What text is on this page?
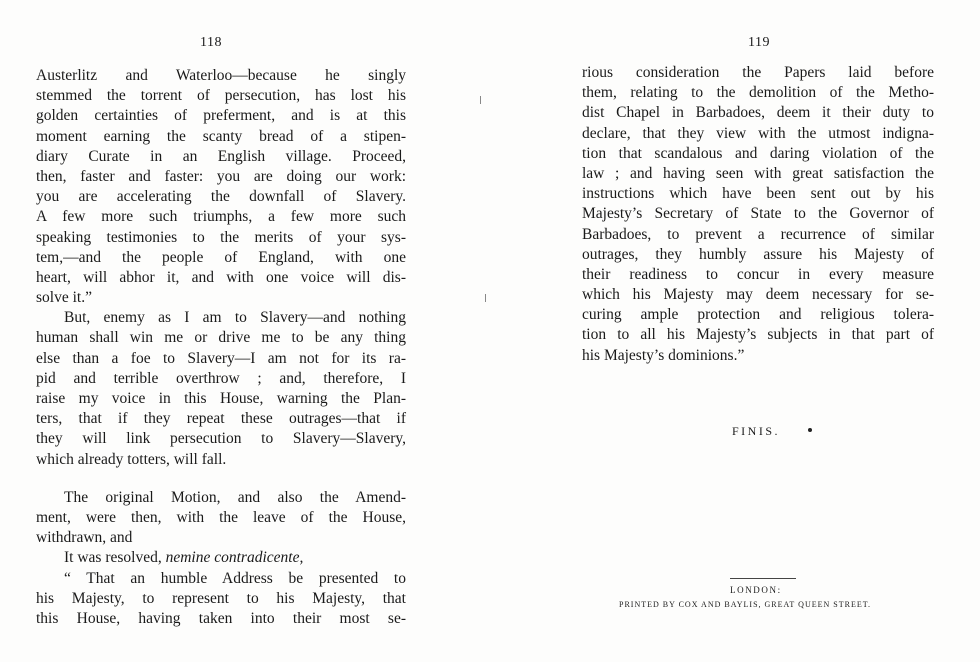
118
Austerlitz and Waterloo—because he singly
stemmed the torrent of persecution, has lost his
golden certainties of preferment, and is at this
moment earning the scanty bread of a stipen-
diary Curate in an English village. Proceed,
then, faster and faster: you are doing our work:
you are accelerating the downfall of Slavery.
A few more such triumphs, a few more such
speaking testimonies to the merits of your sys-
tem,—and the people of England, with one
heart, will abhor it, and with one voice will dis-
solve it.”
But, enemy as I am to Slavery—and nothing
human shall win me or drive me to be any thing
else than a foe to Slavery—I am not for its ra-
pid and terrible overthrow ; and, therefore, I
raise my voice in this House, warning the Plan-
ters, that if they repeat these outrages—that if
they will link persecution to Slavery—Slavery,
which already totters, will fall.
The original Motion, and also the Amend-
ment, were then, with the leave of the House,
withdrawn, and
It was resolved, nemine contradicente,
“ That an humble Address be presented to
his Majesty, to represent to his Majesty, that
this House, having taken into their most se-
119
rious consideration the Papers laid before
them, relating to the demolition of the Metho-
dist Chapel in Barbadoes, deem it their duty to
declare, that they view with the utmost indigna-
tion that scandalous and daring violation of the
law ; and having seen with great satisfaction the
instructions which have been sent out by his
Majesty’s Secretary of State to the Governor of
Barbadoes, to prevent a recurrence of similar
outrages, they humbly assure his Majesty of
their readiness to concur in every measure
which his Majesty may deem necessary for se-
curing ample protection and religious tolera-
tion to all his Majesty’s subjects in that part of
his Majesty’s dominions.”
FINIS.
LONDON:
PRINTED BY COX AND BAYLIS, GREAT QUEEN STREET.
